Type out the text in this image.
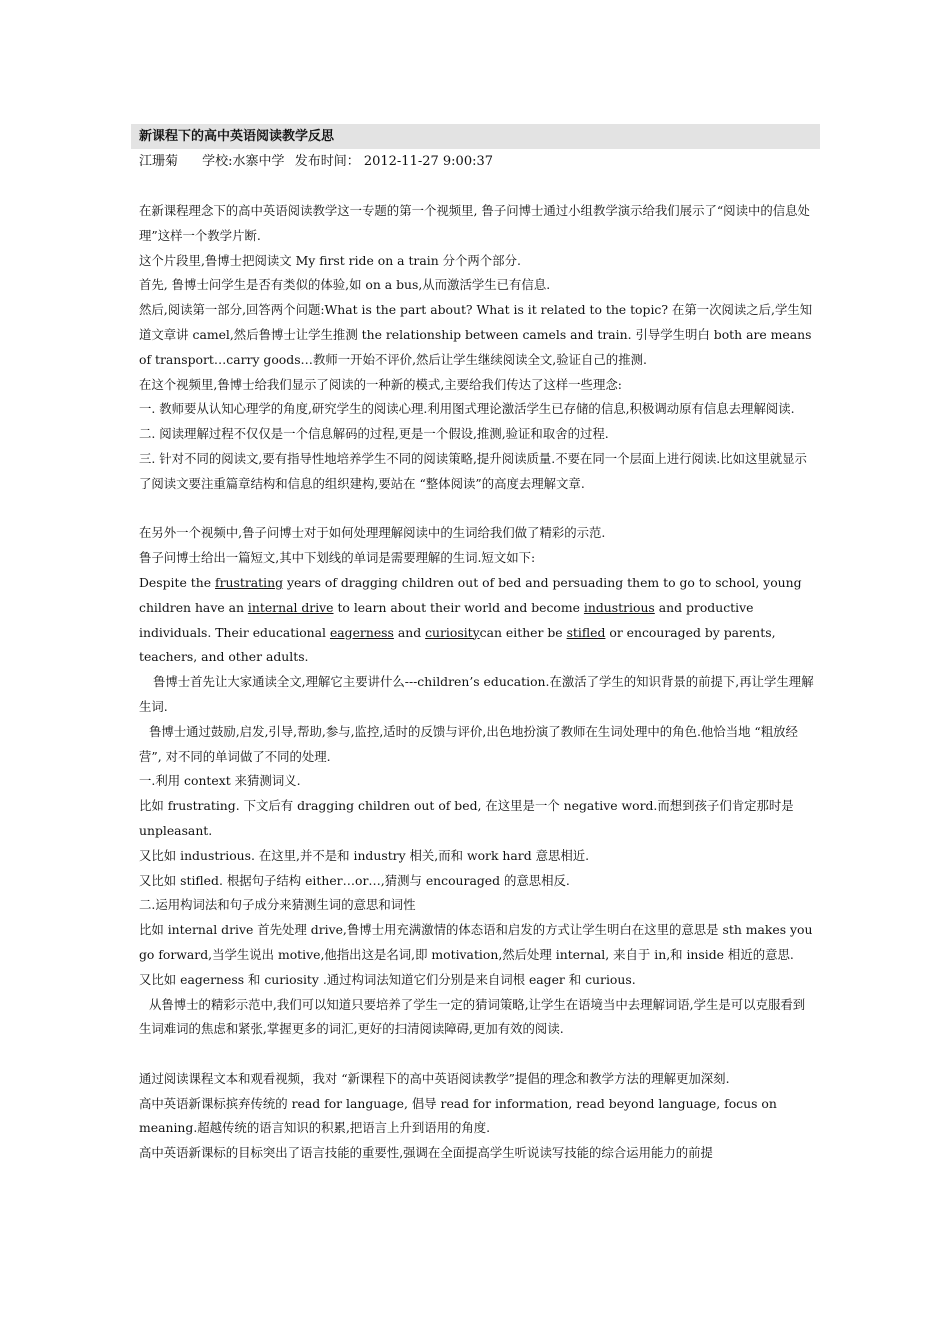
新课程下的高中英语阅读教学反思
江珊菊 学校:水寨中学 发布时间： 2012-11-27 9:00:37

在新课程理念下的高中英语阅读教学这一专题的第一个视频里, 鲁子问博士通过小组教学演示给我们展示了“阅读中的信息处理”这样一个教学片断.

这个片段里,鲁博士把阅读文 My first ride on a train 分个两个部分.

首先, 鲁博士问学生是否有类似的体验,如 on a bus,从而激活学生已有信息.

然后,阅读第一部分,回答两个问题:What is the part about? What is it related to the topic? 在第一次阅读之后,学生知道文章讲 camel,然后鲁博士让学生推测 the relationship between camels and train. 引导学生明白 both are means of transport…carry goods…教师一开始不评价,然后让学生继续阅读全文,验证自己的推测.

在这个视频里,鲁博士给我们显示了阅读的一种新的模式,主要给我们传达了这样一些理念:

一. 教师要从认知心理学的角度,研究学生的阅读心理.利用图式理论激活学生已存储的信息,积极调动原有信息去理解阅读.

二. 阅读理解过程不仅仅是一个信息解码的过程,更是一个假设,推测,验证和取舍的过程.

三. 针对不同的阅读文,要有指导性地培养学生不同的阅读策略,提升阅读质量.不要在同一个层面上进行阅读.比如这里就显示了阅读文要注重篇章结构和信息的组织建构,要站在 “整体阅读”的高度去理解文章.

在另外一个视频中,鲁子问博士对于如何处理理解阅读中的生词给我们做了精彩的示范.

鲁子问博士给出一篇短文,其中下划线的单词是需要理解的生词.短文如下:

Despite the frustrating years of dragging children out of bed and persuading them to go to school, young children have an internal drive to learn about their world and become industrious and productive individuals. Their educational eagerness and curiositycan either be stifled or encouraged by parents, teachers, and other adults.

鲁博士首先让大家通读全文,理解它主要讲什么---children’s education.在激活了学生的知识背景的前提下,再让学生理解生词.

鲁博士通过鼓励,启发,引导,帮助,参与,监控,适时的反馈与评价,出色地扮演了教师在生词处理中的角色.他恰当地 “粗放经营”, 对不同的单词做了不同的处理.

一.利用 context 来猜测词义.

比如 frustrating. 下文后有 dragging children out of bed, 在这里是一个 negative word.而想到孩子们肯定那时是 unpleasant.

又比如 industrious. 在这里,并不是和 industry 相关,而和 work hard 意思相近.

又比如 stifled. 根据句子结构 either…or…,猜测与 encouraged 的意思相反.

二.运用构词法和句子成分来猜测生词的意思和词性

比如 internal drive 首先处理 drive,鲁博士用充满激情的体态语和启发的方式让学生明白在这里的意思是 sth makes you go forward,当学生说出 motive,他指出这是名词,即 motivation,然后处理 internal, 来自于 in,和 inside 相近的意思.

又比如 eagerness 和 curiosity .通过构词法知道它们分别是来自词根 eager 和 curious.

从鲁博士的精彩示范中,我们可以知道只要培养了学生一定的猜词策略,让学生在语境当中去理解词语,学生是可以克服看到生词难词的焦虑和紧张,掌握更多的词汇,更好的扫清阅读障碍,更加有效的阅读.

通过阅读课程文本和观看视频，我对 “新课程下的高中英语阅读教学”提倡的理念和教学方法的理解更加深刻.

高中英语新课标摈弃传统的 read for language, 倡导 read for information, read beyond language, focus on meaning.超越传统的语言知识的积累,把语言上升到语用的角度.

高中英语新课标的目标突出了语言技能的重要性,强调在全面提高学生听说读写技能的综合运用能力的前提
